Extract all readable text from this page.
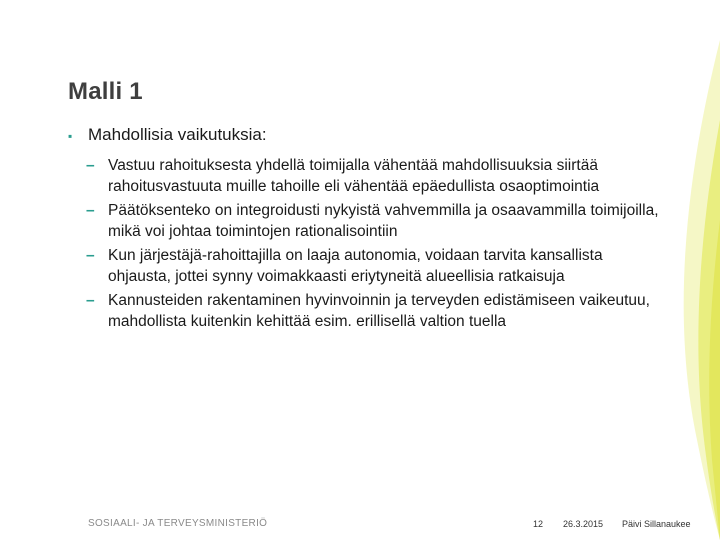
Malli 1
▪ Mahdollisia vaikutuksia:
– Vastuu rahoituksesta yhdellä toimijalla vähentää mahdollisuuksia siirtää rahoitusvastuuta muille tahoille eli vähentää epäedullista osaoptimointia
– Päätöksenteko on integroidusti nykyistä vahvemmilla ja osaavammilla toimijoilla, mikä voi johtaa toimintojen rationalisointiin
– Kun järjestäjä-rahoittajilla on laaja autonomia, voidaan tarvita kansallista ohjausta, jottei synny voimakkaasti eriytyneitä alueellisia ratkaisuja
– Kannusteiden rakentaminen hyvinvoinnin ja terveyden edistämiseen vaikeutuu, mahdollista kuitenkin kehittää esim. erillisellä valtion tuella
SOSIAALI- JA TERVEYSMINISTERIÖ	12 26.3.2015 Päivi Sillanaukee
